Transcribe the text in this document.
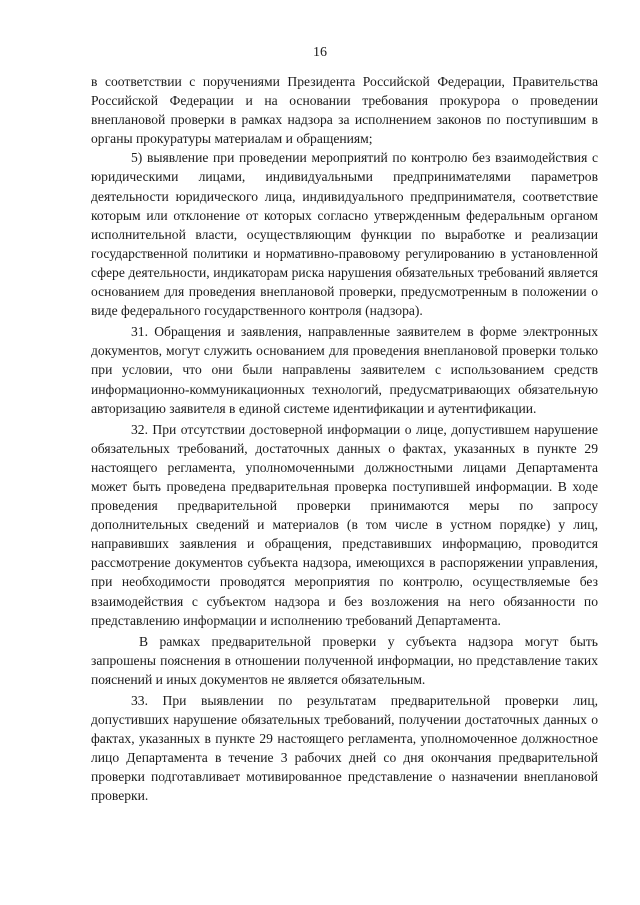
16

в соответствии с поручениями Президента Российской Федерации, Правительства Российской Федерации и на основании требования прокурора о проведении внеплановой проверки в рамках надзора за исполнением законов по поступившим в органы прокуратуры материалам и обращениям;

5) выявление при проведении мероприятий по контролю без взаимодействия с юридическими лицами, индивидуальными предпринимателями параметров деятельности юридического лица, индивидуального предпринимателя, соответствие которым или отклонение от которых согласно утвержденным федеральным органом исполнительной власти, осуществляющим функции по выработке и реализации государственной политики и нормативно-правовому регулированию в установленной сфере деятельности, индикаторам риска нарушения обязательных требований является основанием для проведения внеплановой проверки, предусмотренным в положении о виде федерального государственного контроля (надзора).

31. Обращения и заявления, направленные заявителем в форме электронных документов, могут служить основанием для проведения внеплановой проверки только при условии, что они были направлены заявителем с использованием средств информационно-коммуникационных технологий, предусматривающих обязательную авторизацию заявителя в единой системе идентификации и аутентификации.

32. При отсутствии достоверной информации о лице, допустившем нарушение обязательных требований, достаточных данных о фактах, указанных в пункте 29 настоящего регламента, уполномоченными должностными лицами Департамента может быть проведена предварительная проверка поступившей информации. В ходе проведения предварительной проверки принимаются меры по запросу дополнительных сведений и материалов (в том числе в устном порядке) у лиц, направивших заявления и обращения, представивших информацию, проводится рассмотрение документов субъекта надзора, имеющихся в распоряжении управления, при необходимости проводятся мероприятия по контролю, осуществляемые без взаимодействия с субъектом надзора и без возложения на него обязанности по представлению информации и исполнению требований Департамента.

В рамках предварительной проверки у субъекта надзора могут быть запрошены пояснения в отношении полученной информации, но представление таких пояснений и иных документов не является обязательным.

33. При выявлении по результатам предварительной проверки лиц, допустивших нарушение обязательных требований, получении достаточных данных о фактах, указанных в пункте 29 настоящего регламента, уполномоченное должностное лицо Департамента в течение 3 рабочих дней со дня окончания предварительной проверки подготавливает мотивированное представление о назначении внеплановой проверки.
